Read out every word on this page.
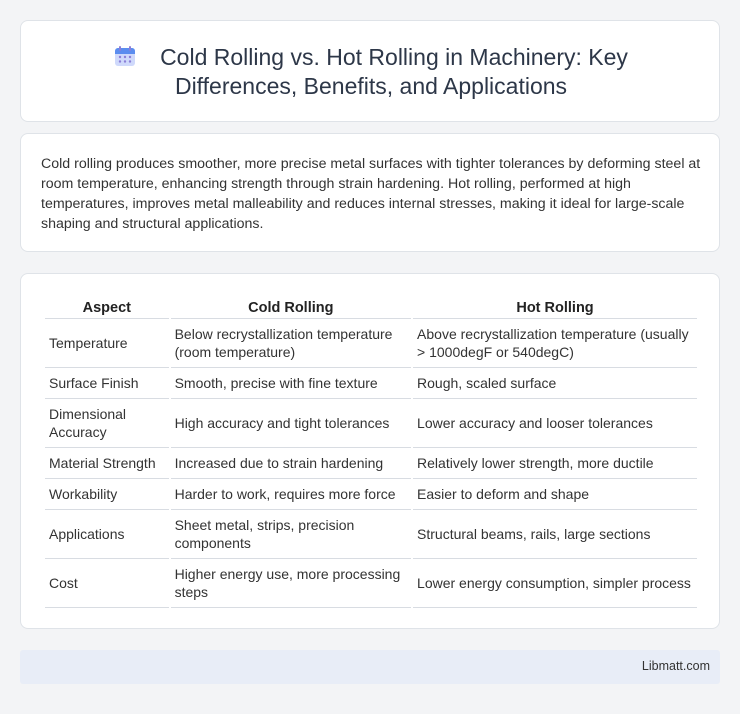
Cold Rolling vs. Hot Rolling in Machinery: Key
Differences, Benefits, and Applications

Cold rolling produces smoother, more precise metal surfaces with tighter tolerances by deforming steel at room temperature, enhancing strength through strain hardening. Hot rolling, performed at high temperatures, improves metal malleability and reduces internal stresses, making it ideal for large-scale shaping and structural applications.

Aspect	Cold Rolling	Hot Rolling
Temperature	Below recrystallization temperature (room temperature)	Above recrystallization temperature (usually > 1000degF or 540degC)
Surface Finish	Smooth, precise with fine texture	Rough, scaled surface
Dimensional Accuracy	High accuracy and tight tolerances	Lower accuracy and looser tolerances
Material Strength	Increased due to strain hardening	Relatively lower strength, more ductile
Workability	Harder to work, requires more force	Easier to deform and shape
Applications	Sheet metal, strips, precision components	Structural beams, rails, large sections
Cost	Higher energy use, more processing steps	Lower energy consumption, simpler process
Libmatt.com
